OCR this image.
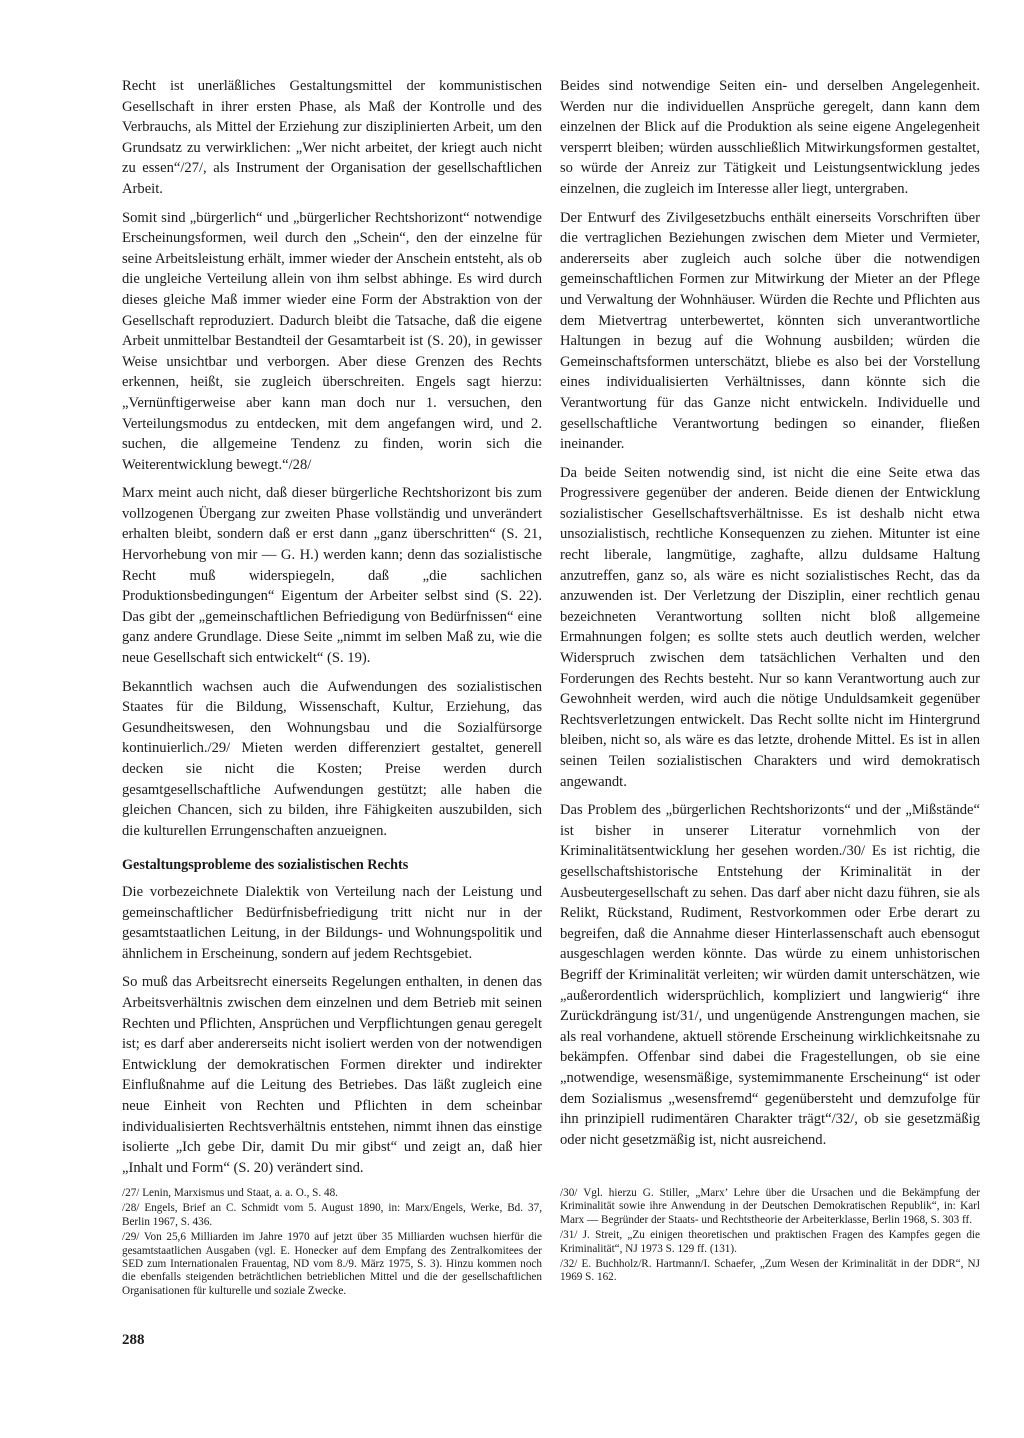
Recht ist unerläßliches Gestaltungsmittel der kommunistischen Gesellschaft in ihrer ersten Phase, als Maß der Kontrolle und des Verbrauchs, als Mittel der Erziehung zur disziplinierten Arbeit, um den Grundsatz zu verwirklichen: „Wer nicht arbeitet, der kriegt auch nicht zu essen“/27/, als Instrument der Organisation der gesellschaftlichen Arbeit.

Somit sind „bürgerlich“ und „bürgerlicher Rechtshorizont“ notwendige Erscheinungsformen, weil durch den „Schein“, den der einzelne für seine Arbeitsleistung erhält, immer wieder der Anschein entsteht, als ob die ungleiche Verteilung allein von ihm selbst abhinge. Es wird durch dieses gleiche Maß immer wieder eine Form der Abstraktion von der Gesellschaft reproduziert. Dadurch bleibt die Tatsache, daß die eigene Arbeit unmittelbar Bestandteil der Gesamtarbeit ist (S. 20), in gewisser Weise unsichtbar und verborgen. Aber diese Grenzen des Rechts erkennen, heißt, sie zugleich überschreiten. Engels sagt hierzu: „Vernünftigerweise aber kann man doch nur 1. versuchen, den Verteilungsmodus zu entdecken, mit dem angefangen wird, und 2. suchen, die allgemeine Tendenz zu finden, worin sich die Weiterentwicklung bewegt.“/28/

Marx meint auch nicht, daß dieser bürgerliche Rechtshorizont bis zum vollzogenen Übergang zur zweiten Phase vollständig und unverändert erhalten bleibt, sondern daß er erst dann „ganz überschritten“ (S. 21, Hervorhebung von mir — G. H.) werden kann; denn das sozialistische Recht muß widerspiegeln, daß „die sachlichen Produktionsbedingungen“ Eigentum der Arbeiter selbst sind (S. 22). Das gibt der „gemeinschaftlichen Befriedigung von Bedürfnissen“ eine ganz andere Grundlage. Diese Seite „nimmt im selben Maß zu, wie die neue Gesellschaft sich entwickelt“ (S. 19).

Bekanntlich wachsen auch die Aufwendungen des sozialistischen Staates für die Bildung, Wissenschaft, Kultur, Erziehung, das Gesundheitswesen, den Wohnungsbau und die Sozialfürsorge kontinuierlich./29/ Mieten werden differenziert gestaltet, generell decken sie nicht die Kosten; Preise werden durch gesamtgesellschaftliche Aufwendungen gestützt; alle haben die gleichen Chancen, sich zu bilden, ihre Fähigkeiten auszubilden, sich die kulturellen Errungenschaften anzueignen.

Gestaltungsprobleme des sozialistischen Rechts

Die vorbezeichnete Dialektik von Verteilung nach der Leistung und gemeinschaftlicher Bedürfnisbefriedigung tritt nicht nur in der gesamtstaatlichen Leitung, in der Bildungs- und Wohnungspolitik und ähnlichem in Erscheinung, sondern auf jedem Rechtsgebiet.

So muß das Arbeitsrecht einerseits Regelungen enthalten, in denen das Arbeitsverhältnis zwischen dem einzelnen und dem Betrieb mit seinen Rechten und Pflichten, Ansprüchen und Verpflichtungen genau geregelt ist; es darf aber andererseits nicht isoliert werden von der notwendigen Entwicklung der demokratischen Formen direkter und indirekter Einflußnahme auf die Leitung des Betriebes. Das läßt zugleich eine neue Einheit von Rechten und Pflichten in dem scheinbar individualisierten Rechtsverhältnis entstehen, nimmt ihnen das einstige isolierte „Ich gebe Dir, damit Du mir gibst“ und zeigt an, daß hier „Inhalt und Form“ (S. 20) verändert sind.

Beides sind notwendige Seiten ein- und derselben Angelegenheit. Werden nur die individuellen Ansprüche geregelt, dann kann dem einzelnen der Blick auf die Produktion als seine eigene Angelegenheit versperrt bleiben; würden ausschließlich Mitwirkungsformen gestaltet, so würde der Anreiz zur Tätigkeit und Leistungsentwicklung jedes einzelnen, die zugleich im Interesse aller liegt, untergraben.

Der Entwurf des Zivilgesetzbuchs enthält einerseits Vorschriften über die vertraglichen Beziehungen zwischen dem Mieter und Vermieter, andererseits aber zugleich auch solche über die notwendigen gemeinschaftlichen Formen zur Mitwirkung der Mieter an der Pflege und Verwaltung der Wohnhäuser. Würden die Rechte und Pflichten aus dem Mietvertrag unterbewertet, könnten sich unverantwortliche Haltungen in bezug auf die Wohnung ausbilden; würden die Gemeinschaftsformen unterschätzt, bliebe es also bei der Vorstellung eines individualisierten Verhältnisses, dann könnte sich die Verantwortung für das Ganze nicht entwickeln. Individuelle und gesellschaftliche Verantwortung bedingen so einander, fließen ineinander.

Da beide Seiten notwendig sind, ist nicht die eine Seite etwa das Progressivere gegenüber der anderen. Beide dienen der Entwicklung sozialistischer Gesellschaftsverhältnisse. Es ist deshalb nicht etwa unsozialistisch, rechtliche Konsequenzen zu ziehen. Mitunter ist eine recht liberale, langmütige, zaghafte, allzu duldsame Haltung anzutreffen, ganz so, als wäre es nicht sozialistisches Recht, das da anzuwenden ist. Der Verletzung der Disziplin, einer rechtlich genau bezeichneten Verantwortung sollten nicht bloß allgemeine Ermahnungen folgen; es sollte stets auch deutlich werden, welcher Widerspruch zwischen dem tatsächlichen Verhalten und den Forderungen des Rechts besteht. Nur so kann Verantwortung auch zur Gewohnheit werden, wird auch die nötige Unduldsamkeit gegenüber Rechtsverletzungen entwickelt. Das Recht sollte nicht im Hintergrund bleiben, nicht so, als wäre es das letzte, drohende Mittel. Es ist in allen seinen Teilen sozialistischen Charakters und wird demokratisch angewandt.

Das Problem des „bürgerlichen Rechtshorizonts“ und der „Mißstände“ ist bisher in unserer Literatur vornehmlich von der Kriminalitätsentwicklung her gesehen worden./30/ Es ist richtig, die gesellschaftshistorische Entstehung der Kriminalität in der Ausbeutergesellschaft zu sehen. Das darf aber nicht dazu führen, sie als Relikt, Rückstand, Rudiment, Restvorkommen oder Erbe derart zu begreifen, daß die Annahme dieser Hinterlassenschaft auch ebensogut ausgeschlagen werden könnte. Das würde zu einem unhistorischen Begriff der Kriminalität verleiten; wir würden damit unterschätzen, wie „außerordentlich widersprüchlich, kompliziert und langwierig“ ihre Zurückdrängung ist/31/, und ungenügende Anstrengungen machen, sie als real vorhandene, aktuell störende Erscheinung wirklichkeitsnahe zu bekämpfen. Offenbar sind dabei die Fragestellungen, ob sie eine „notwendige, wesensmäßige, systemimmanente Erscheinung“ ist oder dem Sozialismus „wesensfremd“ gegenübersteht und demzufolge für ihn prinzipiell rudimentären Charakter trägt“/32/, ob sie gesetzmäßig oder nicht gesetzmäßig ist, nicht ausreichend.

/27/ Lenin, Marxismus und Staat, a. a. O., S. 48.

/28/ Engels, Brief an C. Schmidt vom 5. August 1890, in: Marx/Engels, Werke, Bd. 37, Berlin 1967, S. 436.

/29/ Von 25,6 Milliarden im Jahre 1970 auf jetzt über 35 Milliarden wuchsen hierfür die gesamtstaatlichen Ausgaben (vgl. E. Honecker auf dem Empfang des Zentralkomitees der SED zum Internationalen Frauentag, ND vom 8./9. März 1975, S. 3). Hinzu kommen noch die ebenfalls steigenden beträchtlichen betrieblichen Mittel und die der gesellschaftlichen Organisationen für kulturelle und soziale Zwecke.

/30/ Vgl. hierzu G. Stiller, „Marx’ Lehre über die Ursachen und die Bekämpfung der Kriminalität sowie ihre Anwendung in der Deutschen Demokratischen Republik“, in: Karl Marx — Begründer der Staats- und Rechtstheorie der Arbeiterklasse, Berlin 1968, S. 303 ff.

/31/ J. Streit, „Zu einigen theoretischen und praktischen Fragen des Kampfes gegen die Kriminalität“, NJ 1973 S. 129 ff. (131).

/32/ E. Buchholz/R. Hartmann/I. Schaefer, „Zum Wesen der Kriminalität in der DDR“, NJ 1969 S. 162.

288
